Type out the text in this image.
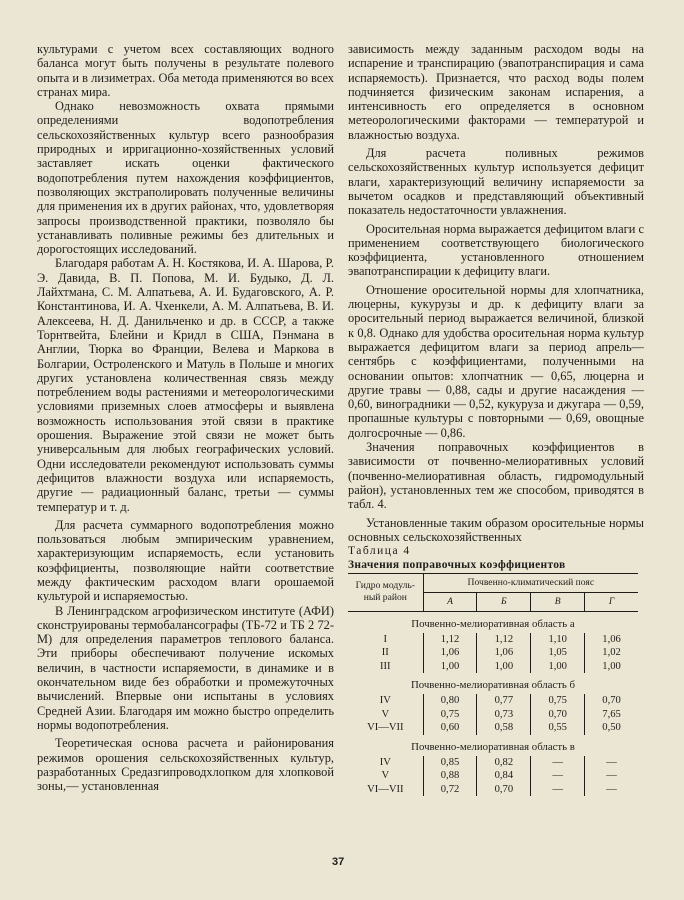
культурами с учетом всех составляющих водного баланса могут быть получены в результате полевого опыта и в лизиметрах. Оба метода применяются во всех странах мира.

Однако невозможность охвата прямыми определениями водопотребления сельскохозяйственных культур всего разнообразия природных и ирригационно-хозяйственных условий заставляет искать оценки фактического водопотребления путем нахождения коэффициентов, позволяющих экстраполировать полученные величины для применения их в других районах, что, удовлетворяя запросы производственной практики, позволяло бы устанавливать поливные режимы без длительных и дорогостоящих исследований.

Благодаря работам А. Н. Костякова, И. А. Шарова, Р. Э. Давида, В. П. Попова, М. И. Будыко, Д. Л. Лайхтмана, С. М. Алпатьева, А. И. Будаговского, А. Р. Константинова, И. А. Чхенкели, А. М. Алпатьева, В. И. Алексеева, Н. Д. Данильченко и др. в СССР, а также Торнтвейта, Блейни и Кридл в США, Пэнмана в Англии, Тюрка во Франции, Велева и Маркова в Болгарии, Остроленского и Матуль в Польше и многих других установлена количественная связь между потреблением воды растениями и метеорологическими условиями приземных слоев атмосферы и выявлена возможность использования этой связи в практике орошения. Выражение этой связи не может быть универсальным для любых географических условий. Одни исследователи рекомендуют использовать суммы дефицитов влажности воздуха или испаряемость, другие — радиационный баланс, третьи — суммы температур и т. д.

Для расчета суммарного водопотребления можно пользоваться любым эмпирическим уравнением, характеризующим испаряемость, если установить коэффициенты, позволяющие найти соответствие между фактическим расходом влаги орошаемой культурой и испаряемостью.

В Ленинградском агрофизическом институте (АФИ) сконструированы термобалансографы (ТБ-72 и ТБ 2 72-М) для определения параметров теплового баланса. Эти приборы обеспечивают получение искомых величин, в частности испаряемости, в динамике и в окончательном виде без обработки и промежуточных вычислений. Впервые они испытаны в условиях Средней Азии. Благодаря им можно быстро определить нормы водопотребления.

Теоретическая основа расчета и районирования режимов орошения сельскохозяйственных культур, разработанных Средазгипроводхлопком для хлопковой зоны,— установленная

зависимость между заданным расходом воды на испарение и транспирацию (эвапотранспирация и сама испаряемость). Признается, что расход воды полем подчиняется физическим законам испарения, а интенсивность его определяется в основном метеорологическими факторами — температурой и влажностью воздуха.

Для расчета поливных режимов сельскохозяйственных культур используется дефицит влаги, характеризующий величину испаряемости за вычетом осадков и представляющий объективный показатель недостаточности увлажнения.

Оросительная норма выражается дефицитом влаги с применением соответствующего биологического коэффициента, установленного отношением эвапотранспирации к дефициту влаги.

Отношение оросительной нормы для хлопчатника, люцерны, кукурузы и др. к дефициту влаги за оросительный период выражается величиной, близкой к 0,8. Однако для удобства оросительная норма культур выражается дефицитом влаги за период апрель—сентябрь с коэффициентами, полученными на основании опытов: хлопчатник — 0,65, люцерна и другие травы — 0,88, сады и другие насаждения — 0,60, виноградники — 0,52, кукуруза и джугара — 0,59, пропашные культуры с повторными — 0,69, овощные долгосрочные — 0,86.

Значения поправочных коэффициентов в зависимости от почвенно-мелиоративных условий (почвенно-мелиоративная область, гидромодульный район), установленных тем же способом, приводятся в табл. 4.

Установленные таким образом оросительные нормы основных сельскохозяйственных

Таблица 4

Значения поправочных коэффициентов

Гидро модуль-ный район	Почвенно-климатический пояс			
	А	Б	В	Г
Почвенно-мелиоративная область а				
I	1,12	1,12	1,10	1,06
II	1,06	1,06	1,05	1,02
III	1,00	1,00	1,00	1,00
Почвенно-мелиоративная область б				
IV	0,80	0,77	0,75	0,70
V	0,75	0,73	0,70	7,65
VI—VII	0,60	0,58	0,55	0,50
Почвенно-мелиоративная область в				
IV	0,85	0,82	—	—
V	0,88	0,84	—	—
VI—VII	0,72	0,70	—	—
37
